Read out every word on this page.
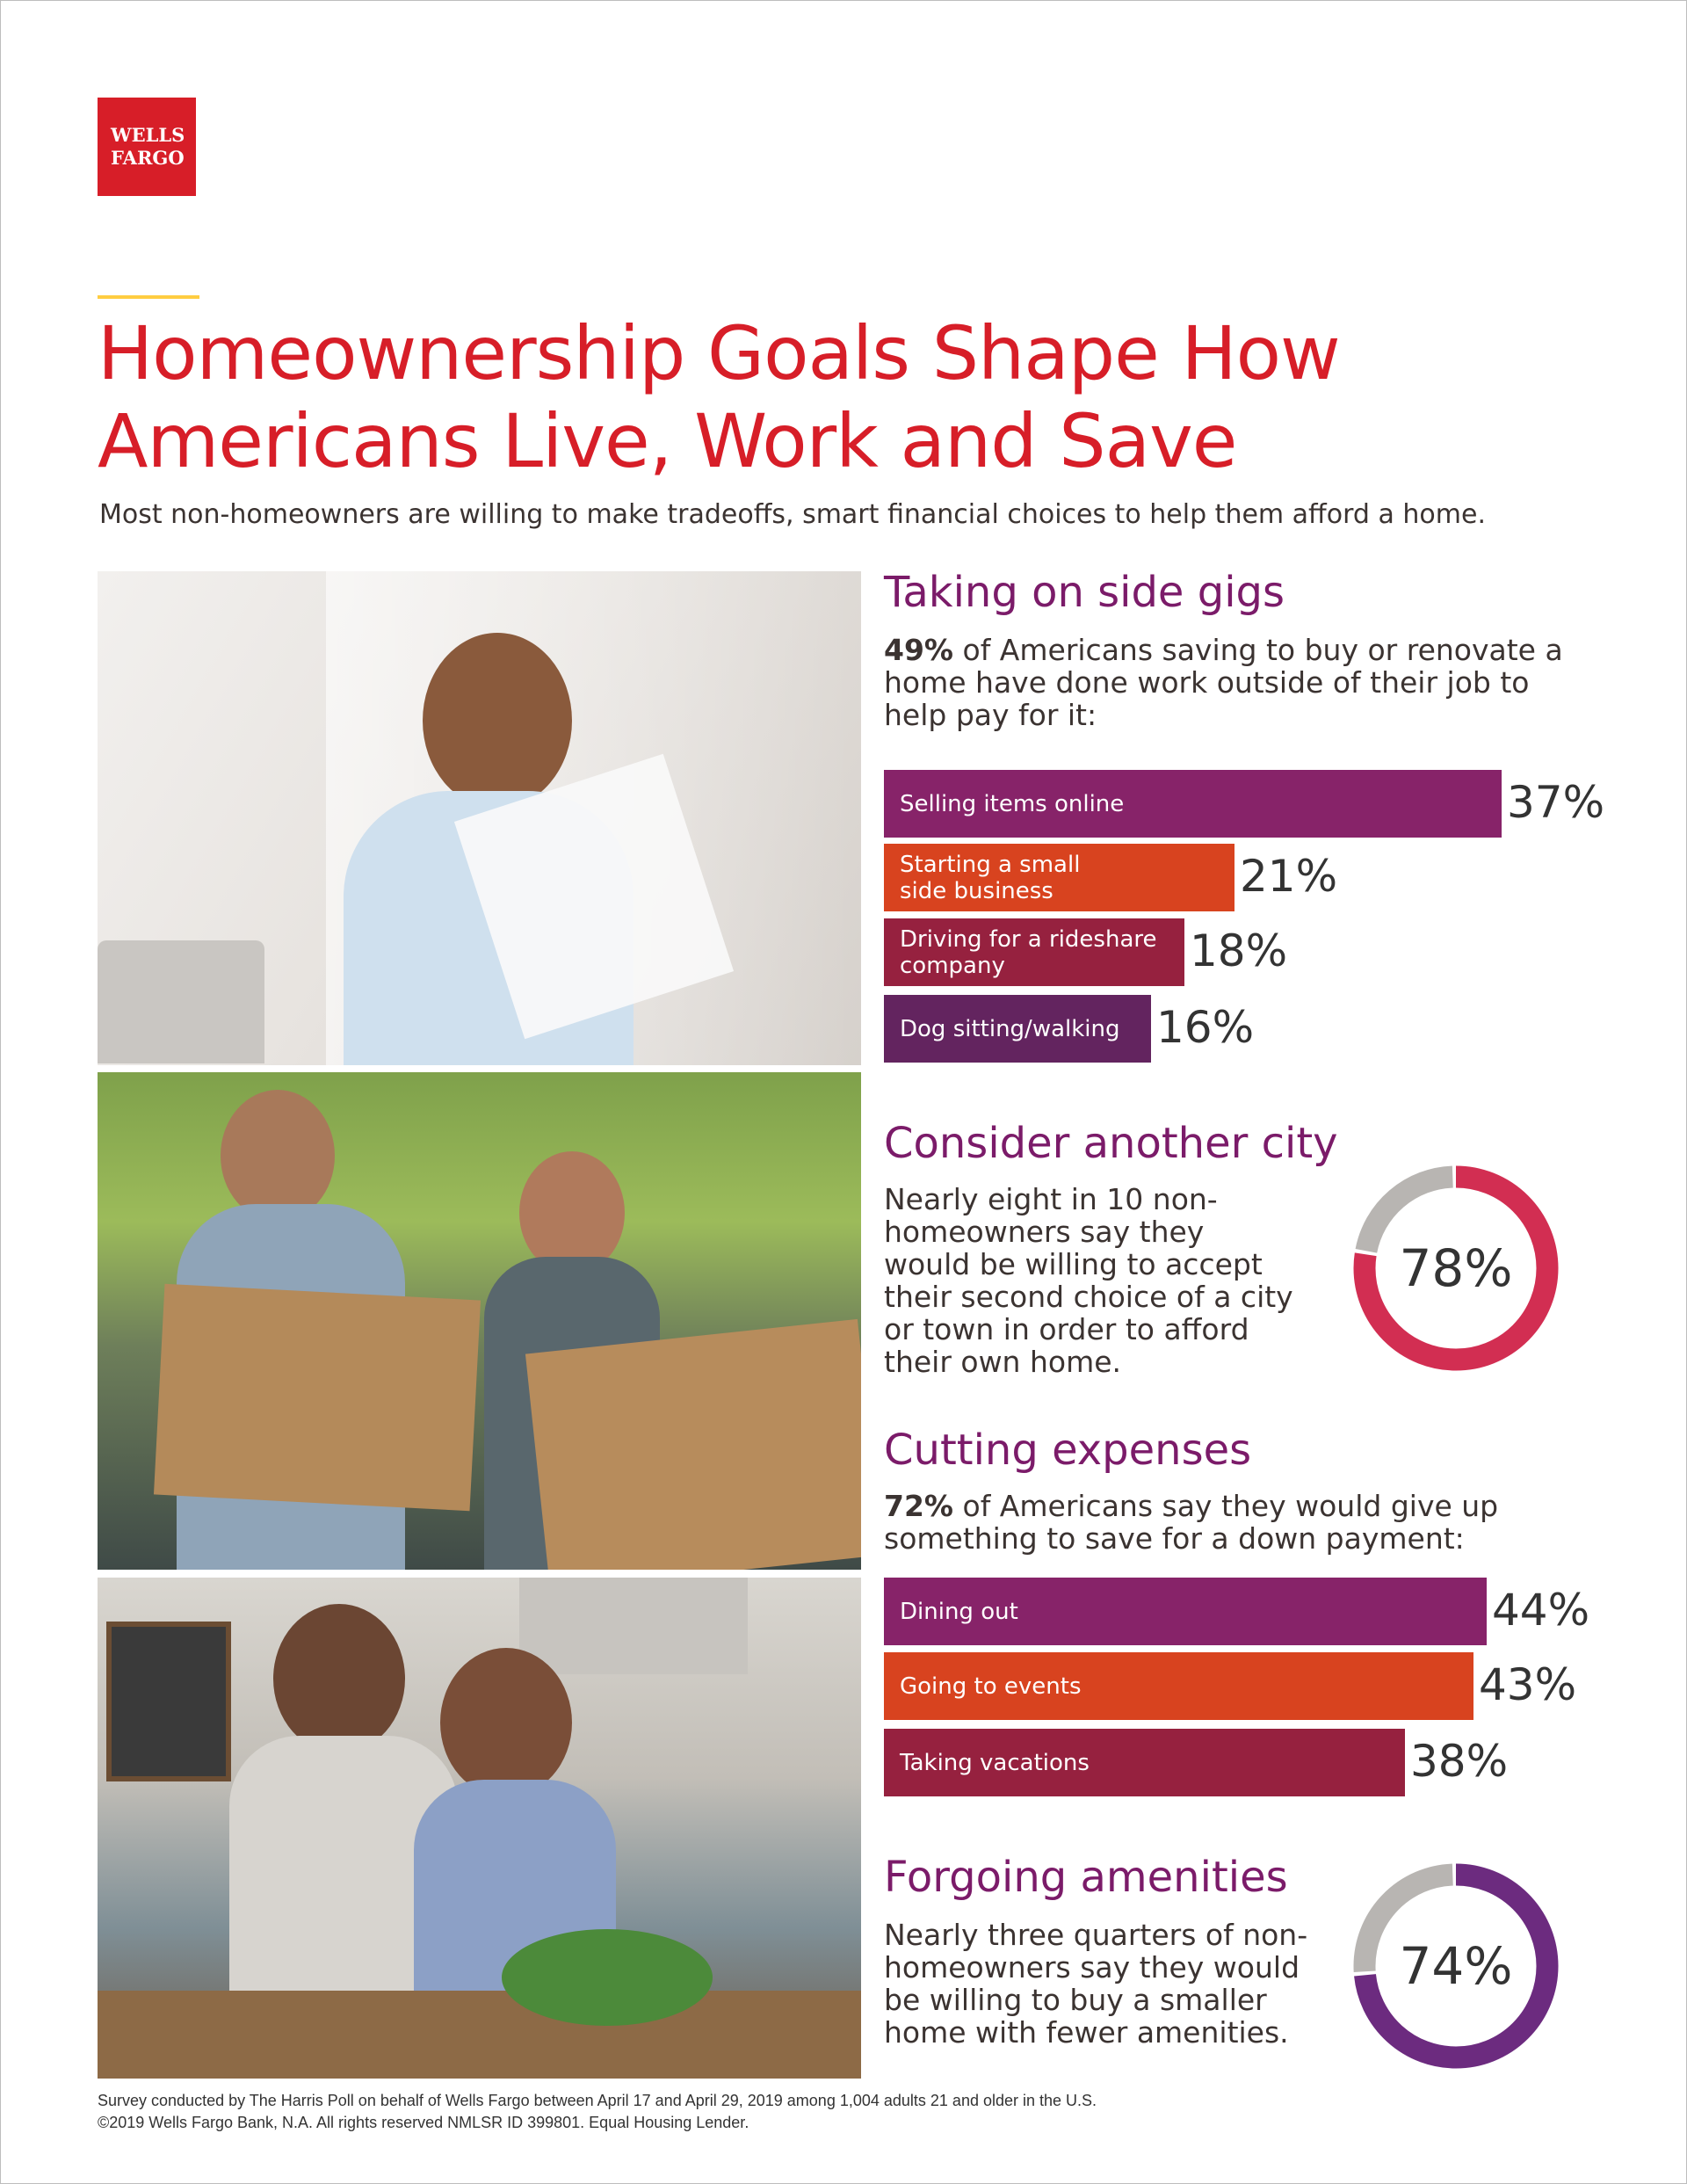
WELLS
FARGO
Homeownership Goals Shape How
Americans Live, Work and Save
Most non-homeowners are willing to make tradeoffs, smart financial choices to help them afford a home.
Taking on side gigs

49% of Americans saving to buy or renovate a
home have done work outside of their job to
help pay for it:

Selling items online	37%
Starting a small
side business	21%
Driving for a rideshare
company	18%
Dog sitting/walking 16%
Consider another city

Nearly eight in 10 non-
homeowners say they
would be willing to accept
their second choice of a city
or town in order to afford
their own home.

78%
Cutting expenses

72% of Americans say they would give up
something to save for a down payment:

Dining out	44%
Going to events	43%
Taking vacations	38%
Forgoing amenities

Nearly three quarters of non-
homeowners say they would
be willing to buy a smaller
home with fewer amenities.

74%
Survey conducted by The Harris Poll on behalf of Wells Fargo between April 17 and April 29, 2019 among 1,004 adults 21 and older in the U.S.
©2019 Wells Fargo Bank, N.A. All rights reserved NMLSR ID 399801. Equal Housing Lender.
